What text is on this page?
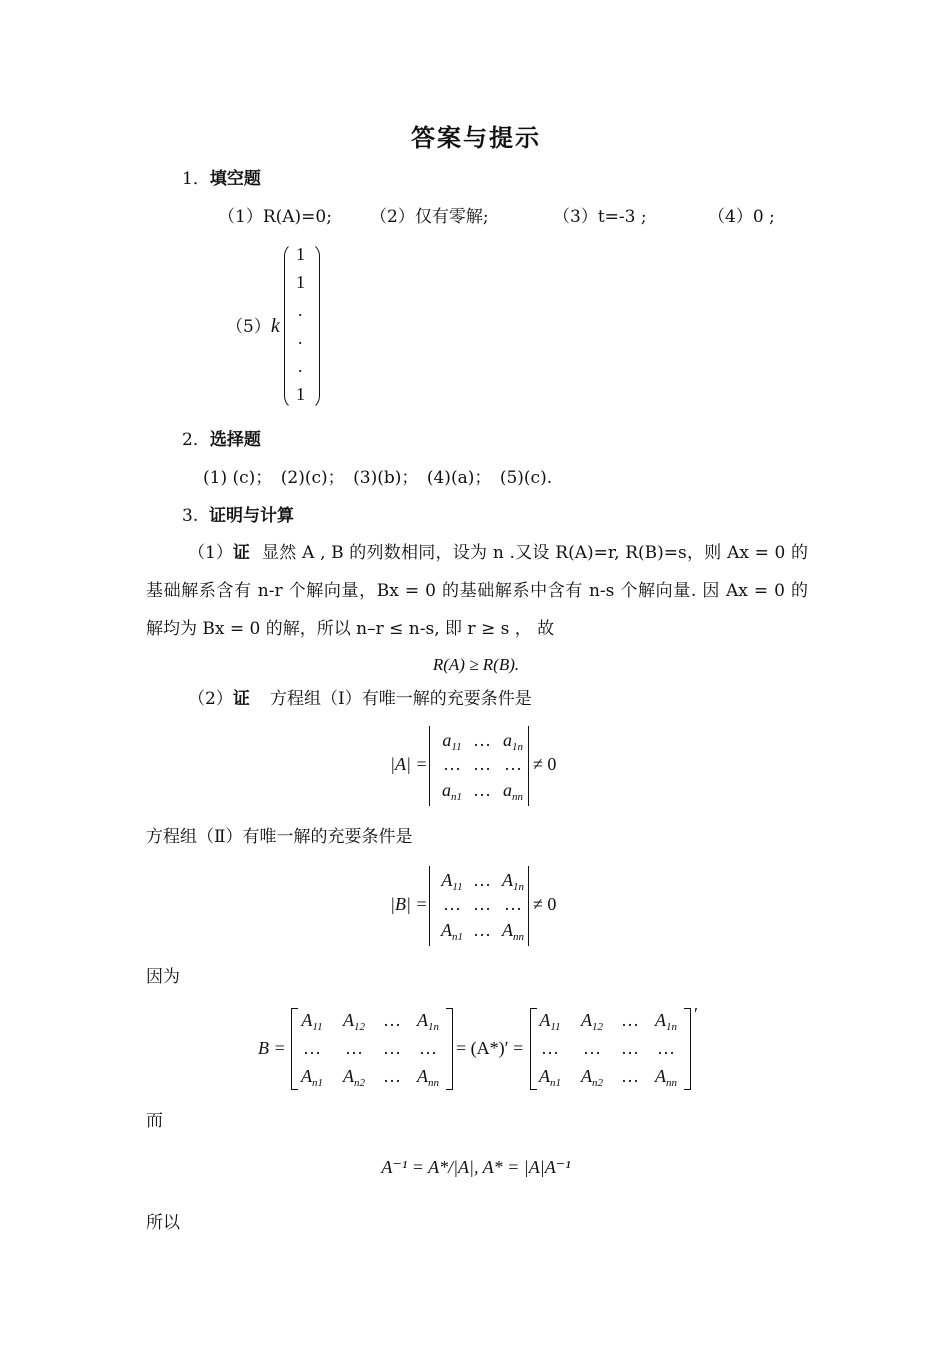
答案与提示
1．填空题
（1）R(A)=0; （2）仅有零解;	（3）t=-3 ;	（4）0 ;
（5）k
1
1
.
.
.
1
2．选择题
(1) (c)；　(2)(c)；　(3)(b)；　(4)(a)；　(5)(c).
3. 证明与计算
（1）证 显然 A , B 的列数相同，设为 n .又设 R(A)=r, R(B)=s，则 Ax = 0 的
基础解系含有 n-r 个解向量，Bx = 0 的基础解系中含有 n-s 个解向量. 因 Ax = 0 的
解均为 Bx = 0 的解，所以 n–r ≤ n-s, 即 r ≥ s ， 故
R(A) ≥ R(B).
（2）证 方程组（Ⅰ）有唯一解的充要条件是
|A| =
$a_{11}$ … $a_{1n}$
… … …
$a_{n1}$ … $a_{nn}$
≠ 0
方程组（Ⅱ）有唯一解的充要条件是
|B| =
$A_{11}$ … $A_{1n}$
… … …
$A_{n1}$ … $A_{nn}$
≠ 0
因为
B =
$A_{11}$	$A_{12}$	… $A_{1n}$
…	…	…	…
$A_{n1}$	$A_{n2}$	… $A_{nn}$
= (A*)′ =
$A_{11}$	$A_{12}$	… $A_{1n}$
…	…	…	…
$A_{n1}$	$A_{n2}$	… $A_{nn}$
′
而
A⁻¹ = A*/|A|, A* = |A|A⁻¹
所以
